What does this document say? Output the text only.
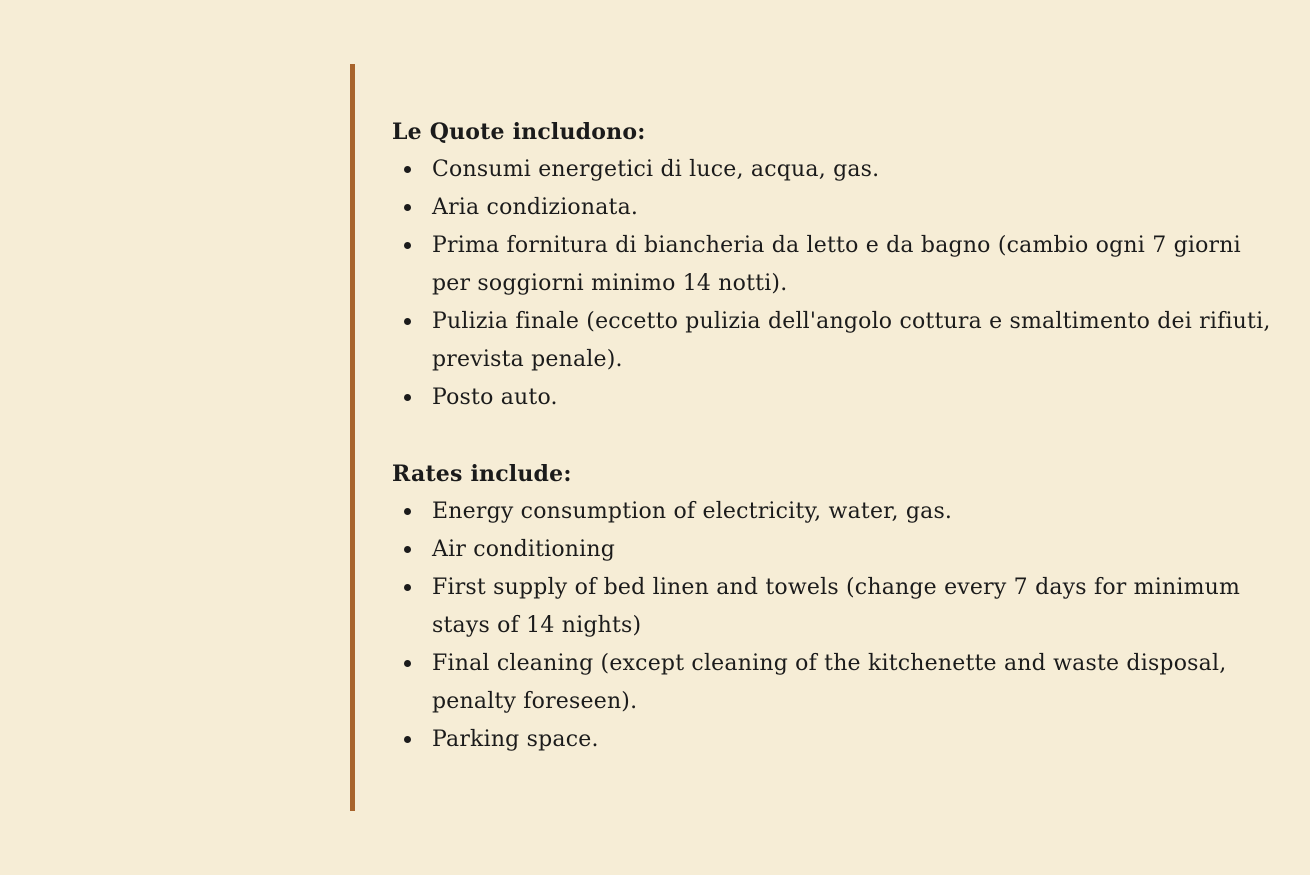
Le Quote includono:

Consumi energetici di luce, acqua, gas.
Aria condizionata.
Prima fornitura di biancheria da letto e da bagno (cambio ogni 7 giorni per soggiorni minimo 14 notti).
Pulizia finale (eccetto pulizia dell'angolo cottura e smaltimento dei rifiuti, prevista penale).
Posto auto.

Rates include:

Energy consumption of electricity, water, gas.
Air conditioning
First supply of bed linen and towels (change every 7 days for minimum stays of 14 nights)
Final cleaning (except cleaning of the kitchenette and waste disposal, penalty foreseen).
Parking space.
